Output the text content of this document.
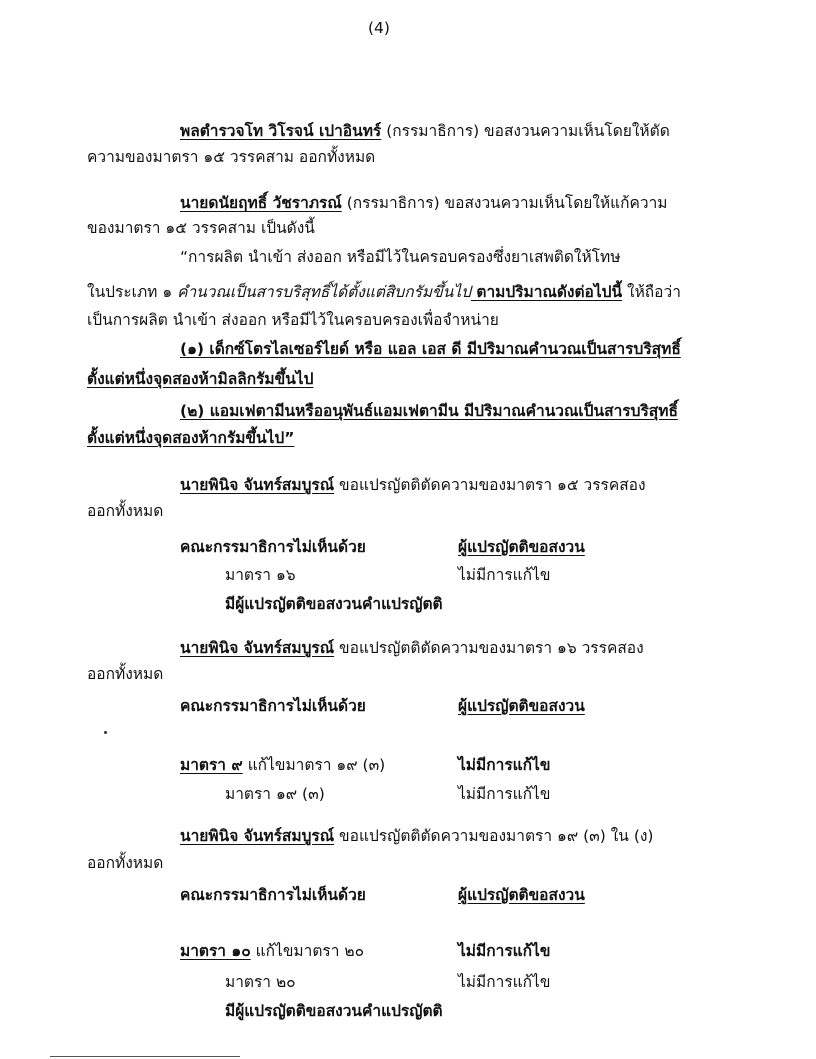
(4)
พลตำรวจโท วิโรจน์ เปาอินทร์ (กรรมาธิการ) ขอสงวนความเห็นโดยให้ตัด
ความของมาตรา ๑๕ วรรคสาม ออกทั้งหมด
นายดนัยฤทธิ์ วัชราภรณ์ (กรรมาธิการ) ขอสงวนความเห็นโดยให้แก้ความ
ของมาตรา ๑๕ วรรคสาม เป็นดังนี้
“การผลิต นำเข้า ส่งออก หรือมีไว้ในครอบครองซึ่งยาเสพติดให้โทษ
ในประเภท ๑ คำนวณเป็นสารบริสุทธิ์ได้ตั้งแต่สิบกรัมขึ้นไป ตามปริมาณดังต่อไปนี้ ให้ถือว่า
เป็นการผลิต นำเข้า ส่งออก หรือมีไว้ในครอบครองเพื่อจำหน่าย
(๑) เด็กซ์โตรไลเซอร์ไยด์ หรือ แอล เอส ดี มีปริมาณคำนวณเป็นสารบริสุทธิ์
ตั้งแต่หนึ่งจุดสองห้ามิลลิกรัมขึ้นไป
(๒) แอมเฟตามีนหรืออนุพันธ์แอมเฟตามีน มีปริมาณคำนวณเป็นสารบริสุทธิ์
ตั้งแต่หนึ่งจุดสองห้ากรัมขึ้นไป”
นายพินิจ จันทร์สมบูรณ์ ขอแปรญัตติตัดความของมาตรา ๑๕ วรรคสอง
ออกทั้งหมด
คณะกรรมาธิการไม่เห็นด้วย	ผู้แปรญัตติขอสงวน
มาตรา ๑๖	ไม่มีการแก้ไข
มีผู้แปรญัตติขอสงวนคำแปรญัตติ
นายพินิจ จันทร์สมบูรณ์ ขอแปรญัตติตัดความของมาตรา ๑๖ วรรคสอง
ออกทั้งหมด
คณะกรรมาธิการไม่เห็นด้วย	ผู้แปรญัตติขอสงวน
มาตรา ๙ แก้ไขมาตรา ๑๙ (๓)	ไม่มีการแก้ไข
มาตรา ๑๙ (๓)	ไม่มีการแก้ไข
นายพินิจ จันทร์สมบูรณ์ ขอแปรญัตติตัดความของมาตรา ๑๙ (๓) ใน (ง)
ออกทั้งหมด
คณะกรรมาธิการไม่เห็นด้วย	ผู้แปรญัตติขอสงวน
มาตรา ๑๐ แก้ไขมาตรา ๒๐	ไม่มีการแก้ไข
มาตรา ๒๐	ไม่มีการแก้ไข
มีผู้แปรญัตติขอสงวนคำแปรญัตติ
